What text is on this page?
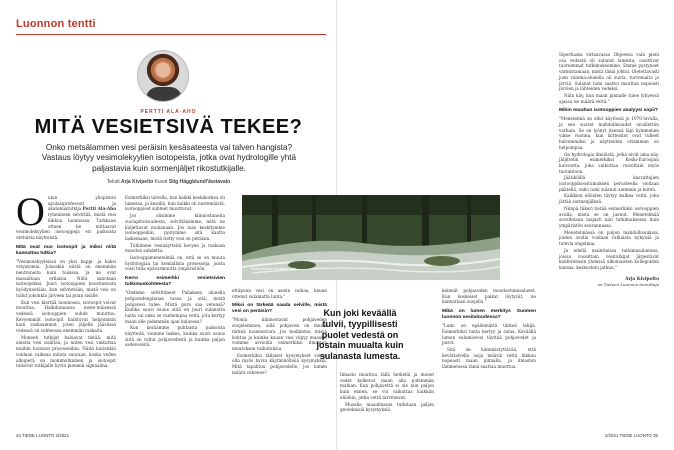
Luonnon tentti
PERTTI ALA-AHO
MITÄ VESIETSIVÄ TEKEE?
Onko metsälammen vesi peräisin kesäsateesta vai talven hangista? Vastaus löytyy vesimolekyylien isotopeista, jotka ovat hydrologille yhtä paljastavia kuin sormenjäljet rikostutkijalle.
Teksti Arja Kivipelto Kuvat Stig Häggblund/Vastavalo
O ulun yliopiston apulaisprofessori ja akatemiatutkija Pertti Ala-Aho ryhmineen selvittää, mistä vesi liikkuu luonnossa. Tarkkaan ottaen he mittaavat vesimolekyylien isotooppeja eri paikoista otetuista näytteistä.

Mitä ovat nuo isotoopit ja miksi niitä kannattaa tutkia?

"Vesimolekyyleissä on yksi happi- ja kaksi vetyatomia. Joissakin niistä on enemmän neutroneita kuin toisissa, ja ne ovat massaltaan erilaisia. Niitä sanotaan isotoopeiksi. Juuri isotooppien koostumusta hyödynnetään, kun selvitetään, mistä vesi on tullut johonkin järveen tai puun sisälle.

Kun vesi kiertää luonnossa, isotoopit voivat muuttua. Haihdunnassa neste-mäisessä vedessä isotooppien suhde muuttuu. Kevyemmät isotoopit haihtuvat helpommin kuin raskaammat, joten jäljelle jäävässä vedessä on suhteessa enemmän raskaita.

Moneeti tutkijat haluavat tietää, mitä aineita vesi sisältää, ja miten vesi vaikuttaa muihin luonnon prosesseihin. Näitä kuitenkin voidaan vaikeaa mitata suoraan, koska veden alkuperä on monimutkainen ja isotoopit tulisivat tutkijalle hyvin pienenä signaalina.

Esimerkiksi talvella, kun kaikki keskikorkea oli lumessa, ja kesällä, kun kaikki oli nestemäistä, isotooppiset suhteet muuttuvat.

Jos olisimme kiinnostuneita suolapitoisuudesta, selvittäisimme, mitä ne kuljettavat mukanaan. Jos taas keskitymme isotooppeihin, pystymme sitä kautta laskemaan, mistä tietty vesi on peräisin.

Tutkimme vesinäytteitä kevyen ja raskaan muodon suhdetta.

Isotooppimenetelmiä on, että se on muuta hydrologiaa tai kemiallisia prosesseja, joista voisi tulla epävarmuutta ympäristöön.

Kerro esimerkki vesietsivien tutkimuskohteesta?

"Olemme selvittäneet Pallaksen alueella pohjavedenpinnan tasoa ja sitä, mistä pohjavesi tulee. Mistä puro saa vetensä? Kuinka suuri osuus siitä on juuri sulanutta lunta vai onko se vanhempaa vettä, jota kertyy maan alle pidemmän ajan kuluessa?

Kun keräämme puhtaista paikoista näytteitä, voimme laskea, kuinka suuri osuus siitä on tullut pohjavedestä ja kuinka paljon sadevesistä.

ettäpuun vesi on aseiin vaihaa, kauan ottenut sulamatta lunta."

Miksi on tärkeää saada selville, mistä vesi on peräisin?

"Monia kiinnostavat pohjaveden suojeleminen, sillä pohjavesi on meille tärkeä luonnonvara. Jos tiedämme, missä kohtaa ja kuinka kauan vesi viipyy maassa, voimme arvioida esimerkiksi ilmaston muutoksen vaikutuksia.

Esimerkiksi tällaiset kysymykset voivat olla myös hyvin käytännöllisiä kysymyksiä. Mitä tapahtuu pohjavedelle, jos lumen määrä vähenee?

34 TIEDE LUONTO 2/2021

Ilmasto muuttuu tällä hetkellä ja monet vedet kulkevat maan alla pidemmän matkan. Kun pohjavettä ei ole niin paljon kuin ennen, se voi vaikuttaa kaikkiin eliöihin, jotka vettä tarvitsevat.

Musalla maaalmassa tutkitaan paljon geoteknisiä kysymyksiä.

keinnät pohjaveden muodostumisalueet. Kun keskeiset paikat löytyvät, ne kannattaisi suojella."

Mikä on lumen merkitys Suomen luonnon vesitaloudessa?

"Lumi on epäilemättä tärkeä tekijä. Esimerkiksi lunta kertyy ja sulaa. Keväällä lumen sulamisvesi täyttää pohjavedet ja purot.

Sitä on hämmästyttävää, että kevättalvella isoja määriä vettä liikkuu nopeasti maan pinnalla, ja ilmaston lämmetessä tämä saattaa muuttua.

Sipertiassa virtaavassa Objoessa vain pieni osa vedestä oli sulanut lumesta, osoittivat tuoreimmat tutkimuksemme. Emme pystyneet varmistamaan, mistä tämä johtui. Oletettavasti joen valuma-alueella oli suota, turvemaita ja järviä. Sulanut lumi saattoi muuttaa nopeasti järvien ja lähteiden vedeksi.

Näin käy, kun maan pinnalle tulee lyhyessä ajassa iso määrä vettä."

Mihin muuhun isotooppien analyysi sopii?

"Menetelmä on ollut käytössä jo 1970-luvulla, ja sen suuret mahdollisuudet oivallettiin varhain. Se on lyönyt itsensä läpi kymmenen viime vuonna, kun laitteistot ovat tulleet halvemmiksi ja näytteiden ottaminen on helpompaa.

On hydrologia ilmiöistä, jotka eivät aina näy. Jäljittelin esimerkiksi Keski-Euroopan kuivuutta, joka vaikuttaa vuosittain myös tuotantoon.

Jäätiköillä kasvattajien isotooppikoostumuksen perusteella voidaan päätellä, onko lumi sulanut aiemmin ja miten.

Kaikkien ellöiden täytyy kulkea vettä, joka jättää sormenjälkeä.

Niinpä tiikeri tietää esimerkiksi isotooppien avulla, mistä se on juonut. Menetelmää sovelletaan laajasti niin tutkimuksessa kuin ympäristön seurannassa.

Menetelmässä on paljon mahdollisuuksia, joiden avulla voidaan ratkaista nykyisiä ja tulevia ongelmia.

Ja edellä mainituissa tutkimusalueissa, joissa vuosittain vesitutkijat järjestävät konferenssin yhdessä ulkomaisten kollegoiden kanssa, keskustelu jatkuu."

Arja Kivipelto
on Tieteen Luonnon toimittaja
2/2021 TIEDE LUONTO 35
Sadetyttöinen keväinen virta
Kun joki keväällä tulvii, tyypillisesti puolet vedestä on jostain muualta kuin sulanasta lumesta.
